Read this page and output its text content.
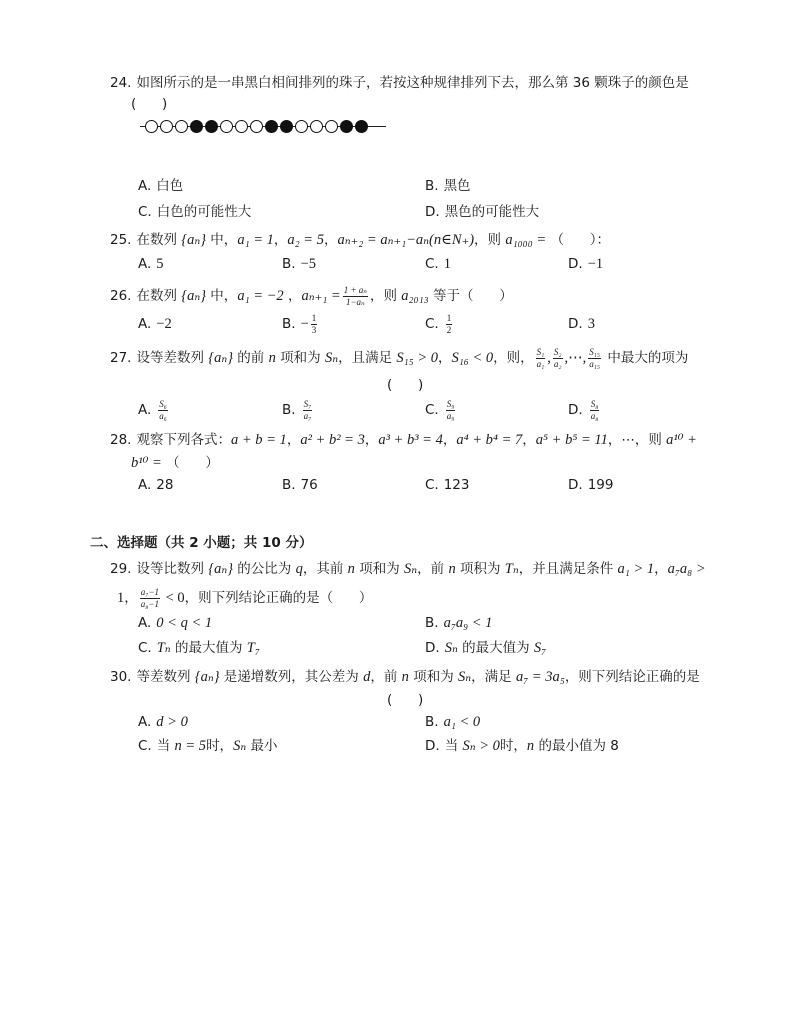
24. 如图所示的是一串黑白相间排列的珠子，若按这种规律排列下去，那么第 36 颗珠子的颜色是
(      )
A. 白色	B. 黑色
C. 白色的可能性大	D. 黑色的可能性大
25. 在数列 {aₙ} 中， a₁ = 1 ， a₂ = 5 ， aₙ₊₂ = aₙ₊₁−aₙ(n∈N₊) ，则 a₁₀₀₀ = （      ）：
A. 5	B. −5	C. 1	D. −1
26. 在数列 {aₙ} 中， a₁ = −2 ， $a_{n+1} = \frac{\text{1 + aₙ}}{\text{1−aₙ}}$ ，则 a₂₀₁₃ 等于（      ）
A. −2	B. − $\frac{1}{3}$	C. $\frac{1}{2}$	D. 3
27. 设等差数列 {aₙ} 的前 n 项和为 Sₙ ，且满足 S₁₅ > 0 ， S₁₆ < 0 ，则， $\frac{\text{S₁}}{\text{a₁}}$ , $\frac{\text{S₂}}{\text{a₂}}$ ,⋯, $\frac{\text{S₁₅}}{\text{a₁₅}}$ 中最大的项为
(      )
A. $\frac{\text{S₆}}{\text{a₆}}$	B. $\frac{\text{S₇}}{\text{a₇}}$	C. $\frac{\text{S₉}}{\text{a₉}}$	D. $\frac{\text{S₈}}{\text{a₈}}$
28. 观察下列各式： a + b = 1 ， a² + b² = 3 ， a³ + b³ = 4 ， a⁴ + b⁴ = 7 ， a⁵ + b⁵ = 11 ，⋯，则 a¹⁰ +
b¹⁰ = （      ）
A. 28	B. 76	C. 123	D. 199
二、选择题（共 2 小题；共 10 分）
29. 设等比数列 {aₙ} 的公比为 q ，其前 n 项和为 Sₙ ，前 n 项积为 Tₙ ，并且满足条件 a₁ > 1 ， a₇a₈ >
1 ， $\frac{\text{a₇−1}}{\text{a₈−1}} < 0$ ，则下列结论正确的是（      ）
A. 0 < q < 1	B. a₇a₉ < 1
C. Tₙ 的最大值为 T₇	D. Sₙ 的最大值为 S₇
30. 等差数列 {aₙ} 是递增数列，其公差为 d ，前 n 项和为 Sₙ ，满足 a₇ = 3a₅ ，则下列结论正确的是
(      )
A. d > 0	B. a₁ < 0
C. 当 n = 5 时， Sₙ 最小	D. 当 Sₙ > 0 时， n 的最小值为 8
